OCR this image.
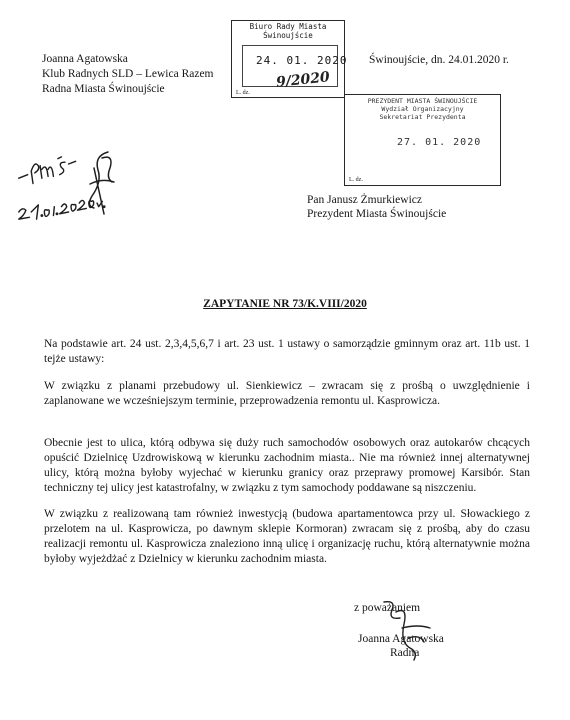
Joanna Agatowska
Klub Radnych SLD – Lewica Razem
Radna Miasta Świnoujście
Biuro Rady Miasta
Świnoujście
24. 01. 2020
9/2020
L. dz.
Świnoujście, dn. 24.01.2020 r.
PREZYDENT MIASTA ŚWINOUJŚCIE
Wydział Organizacyjny
Sekretariat Prezydenta
27. 01. 2020
L. dz.
Pan Janusz Żmurkiewicz
Prezydent Miasta Świnoujście
ZAPYTANIE NR 73/K.VIII/2020
Na podstawie art. 24 ust. 2,3,4,5,6,7 i art. 23 ust. 1 ustawy o samorządzie gminnym oraz art. 11b ust. 1 tejże ustawy:
W związku z planami przebudowy ul. Sienkiewicz – zwracam się z prośbą o uwzględnienie i zaplanowane we wcześniejszym terminie, przeprowadzenia remontu ul. Kasprowicza.
Obecnie jest to ulica, którą odbywa się duży ruch samochodów osobowych oraz autokarów chcących opuścić Dzielnicę Uzdrowiskową w kierunku zachodnim miasta.. Nie ma również innej alternatywnej ulicy, którą można byłoby wyjechać w kierunku granicy oraz przeprawy promowej Karsibór. Stan techniczny tej ulicy jest katastrofalny, w związku z tym samochody poddawane są niszczeniu.
W związku z realizowaną tam również inwestycją (budowa apartamentowca przy ul. Słowackiego z przelotem na ul. Kasprowicza, po dawnym sklepie Kormoran) zwracam się z prośbą, aby do czasu realizacji remontu ul. Kasprowicza znaleziono inną ulicę i organizację ruchu, którą alternatywnie można byłoby wyjeżdżać z Dzielnicy w kierunku zachodnim miasta.
z poważaniem
Joanna Agatowska
Radna
